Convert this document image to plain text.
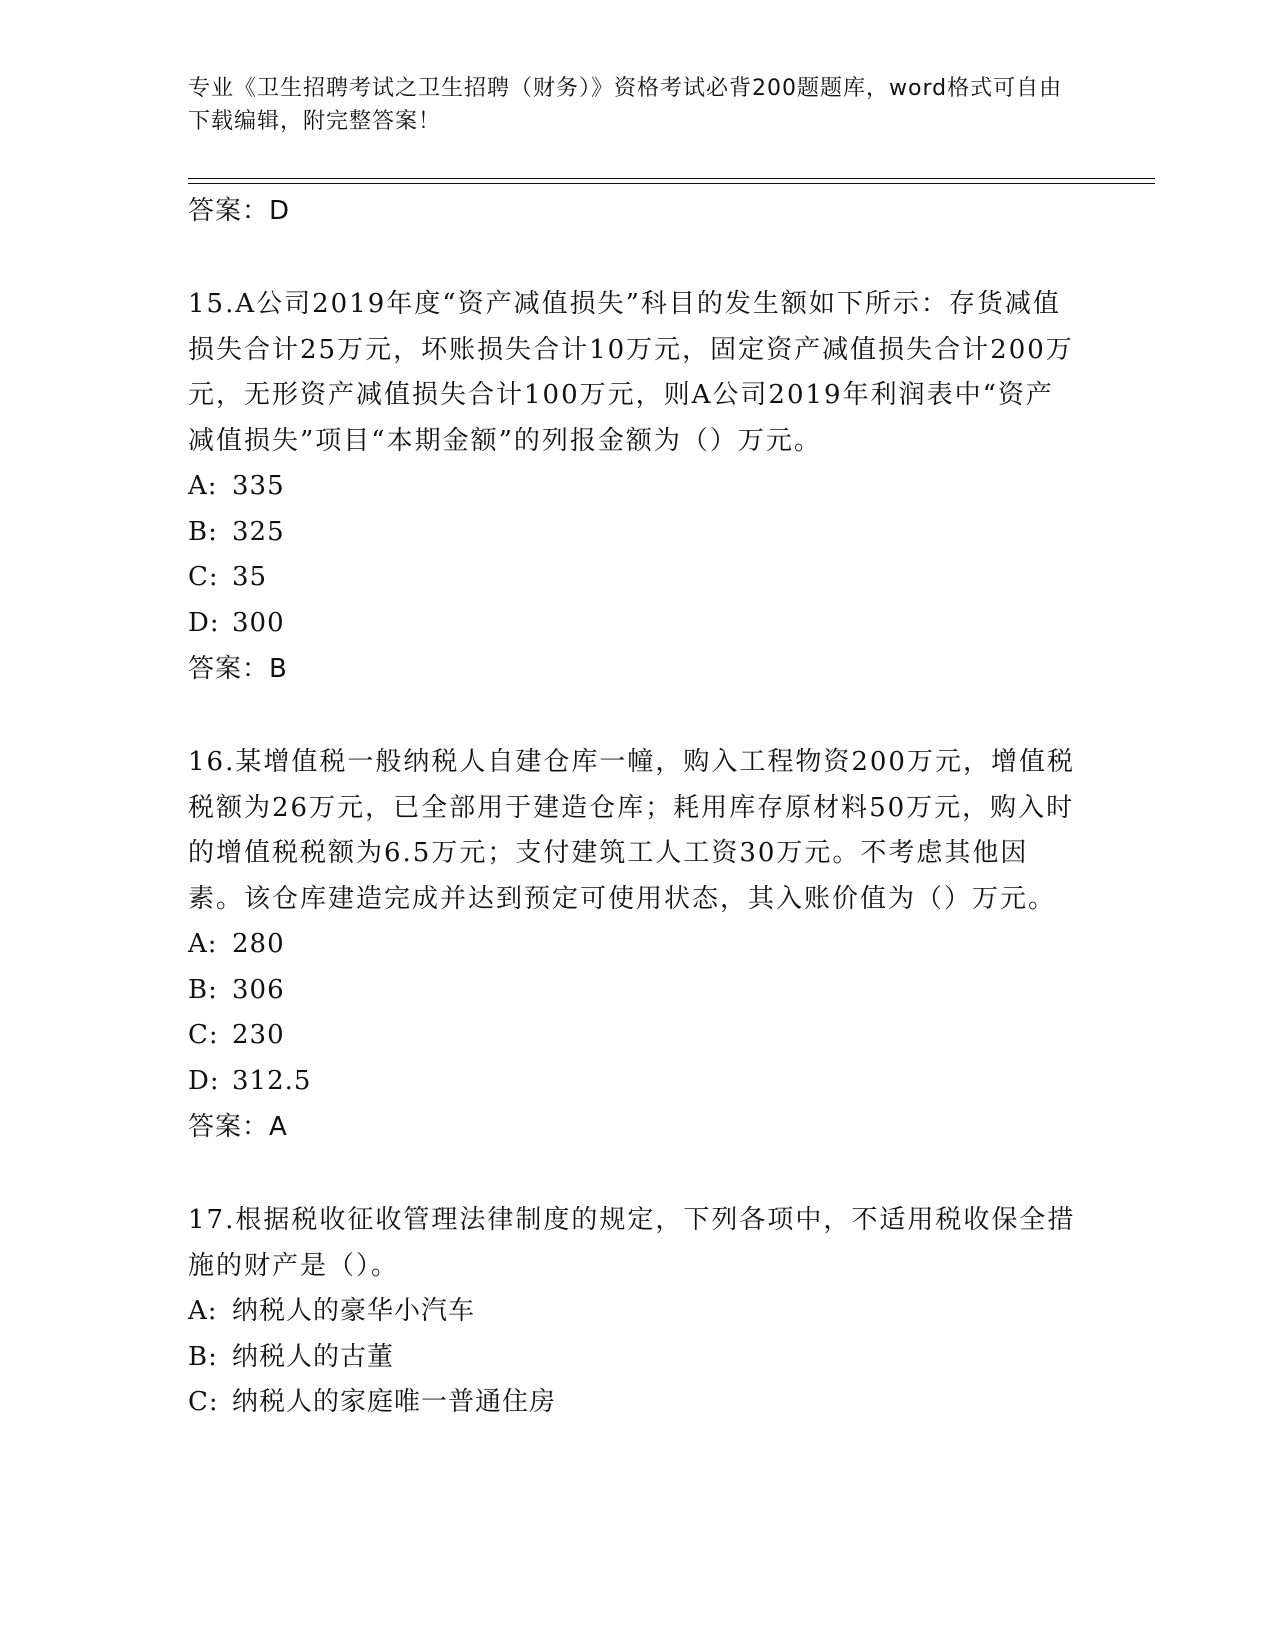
专业《卫生招聘考试之卫生招聘（财务）》资格考试必背200题题库，word格式可自由下载编辑，附完整答案！

答案：D

15.A公司2019年度“资产减值损失”科目的发生额如下所示：存货减值损失合计25万元，坏账损失合计10万元，固定资产减值损失合计200万元，无形资产减值损失合计100万元，则A公司2019年利润表中“资产减值损失”项目“本期金额”的列报金额为（）万元。

A: 335

B: 325

C: 35

D: 300

答案：B

16.某增值税一般纳税人自建仓库一幢，购入工程物资200万元，增值税税额为26万元，已全部用于建造仓库；耗用库存原材料50万元，购入时的增值税税额为6.5万元；支付建筑工人工资30万元。不考虑其他因素。该仓库建造完成并达到预定可使用状态，其入账价值为（）万元。

A: 280

B: 306

C: 230

D: 312.5

答案：A

17.根据税收征收管理法律制度的规定，下列各项中，不适用税收保全措施的财产是（）。

A: 纳税人的豪华小汽车

B: 纳税人的古董

C: 纳税人的家庭唯一普通住房
